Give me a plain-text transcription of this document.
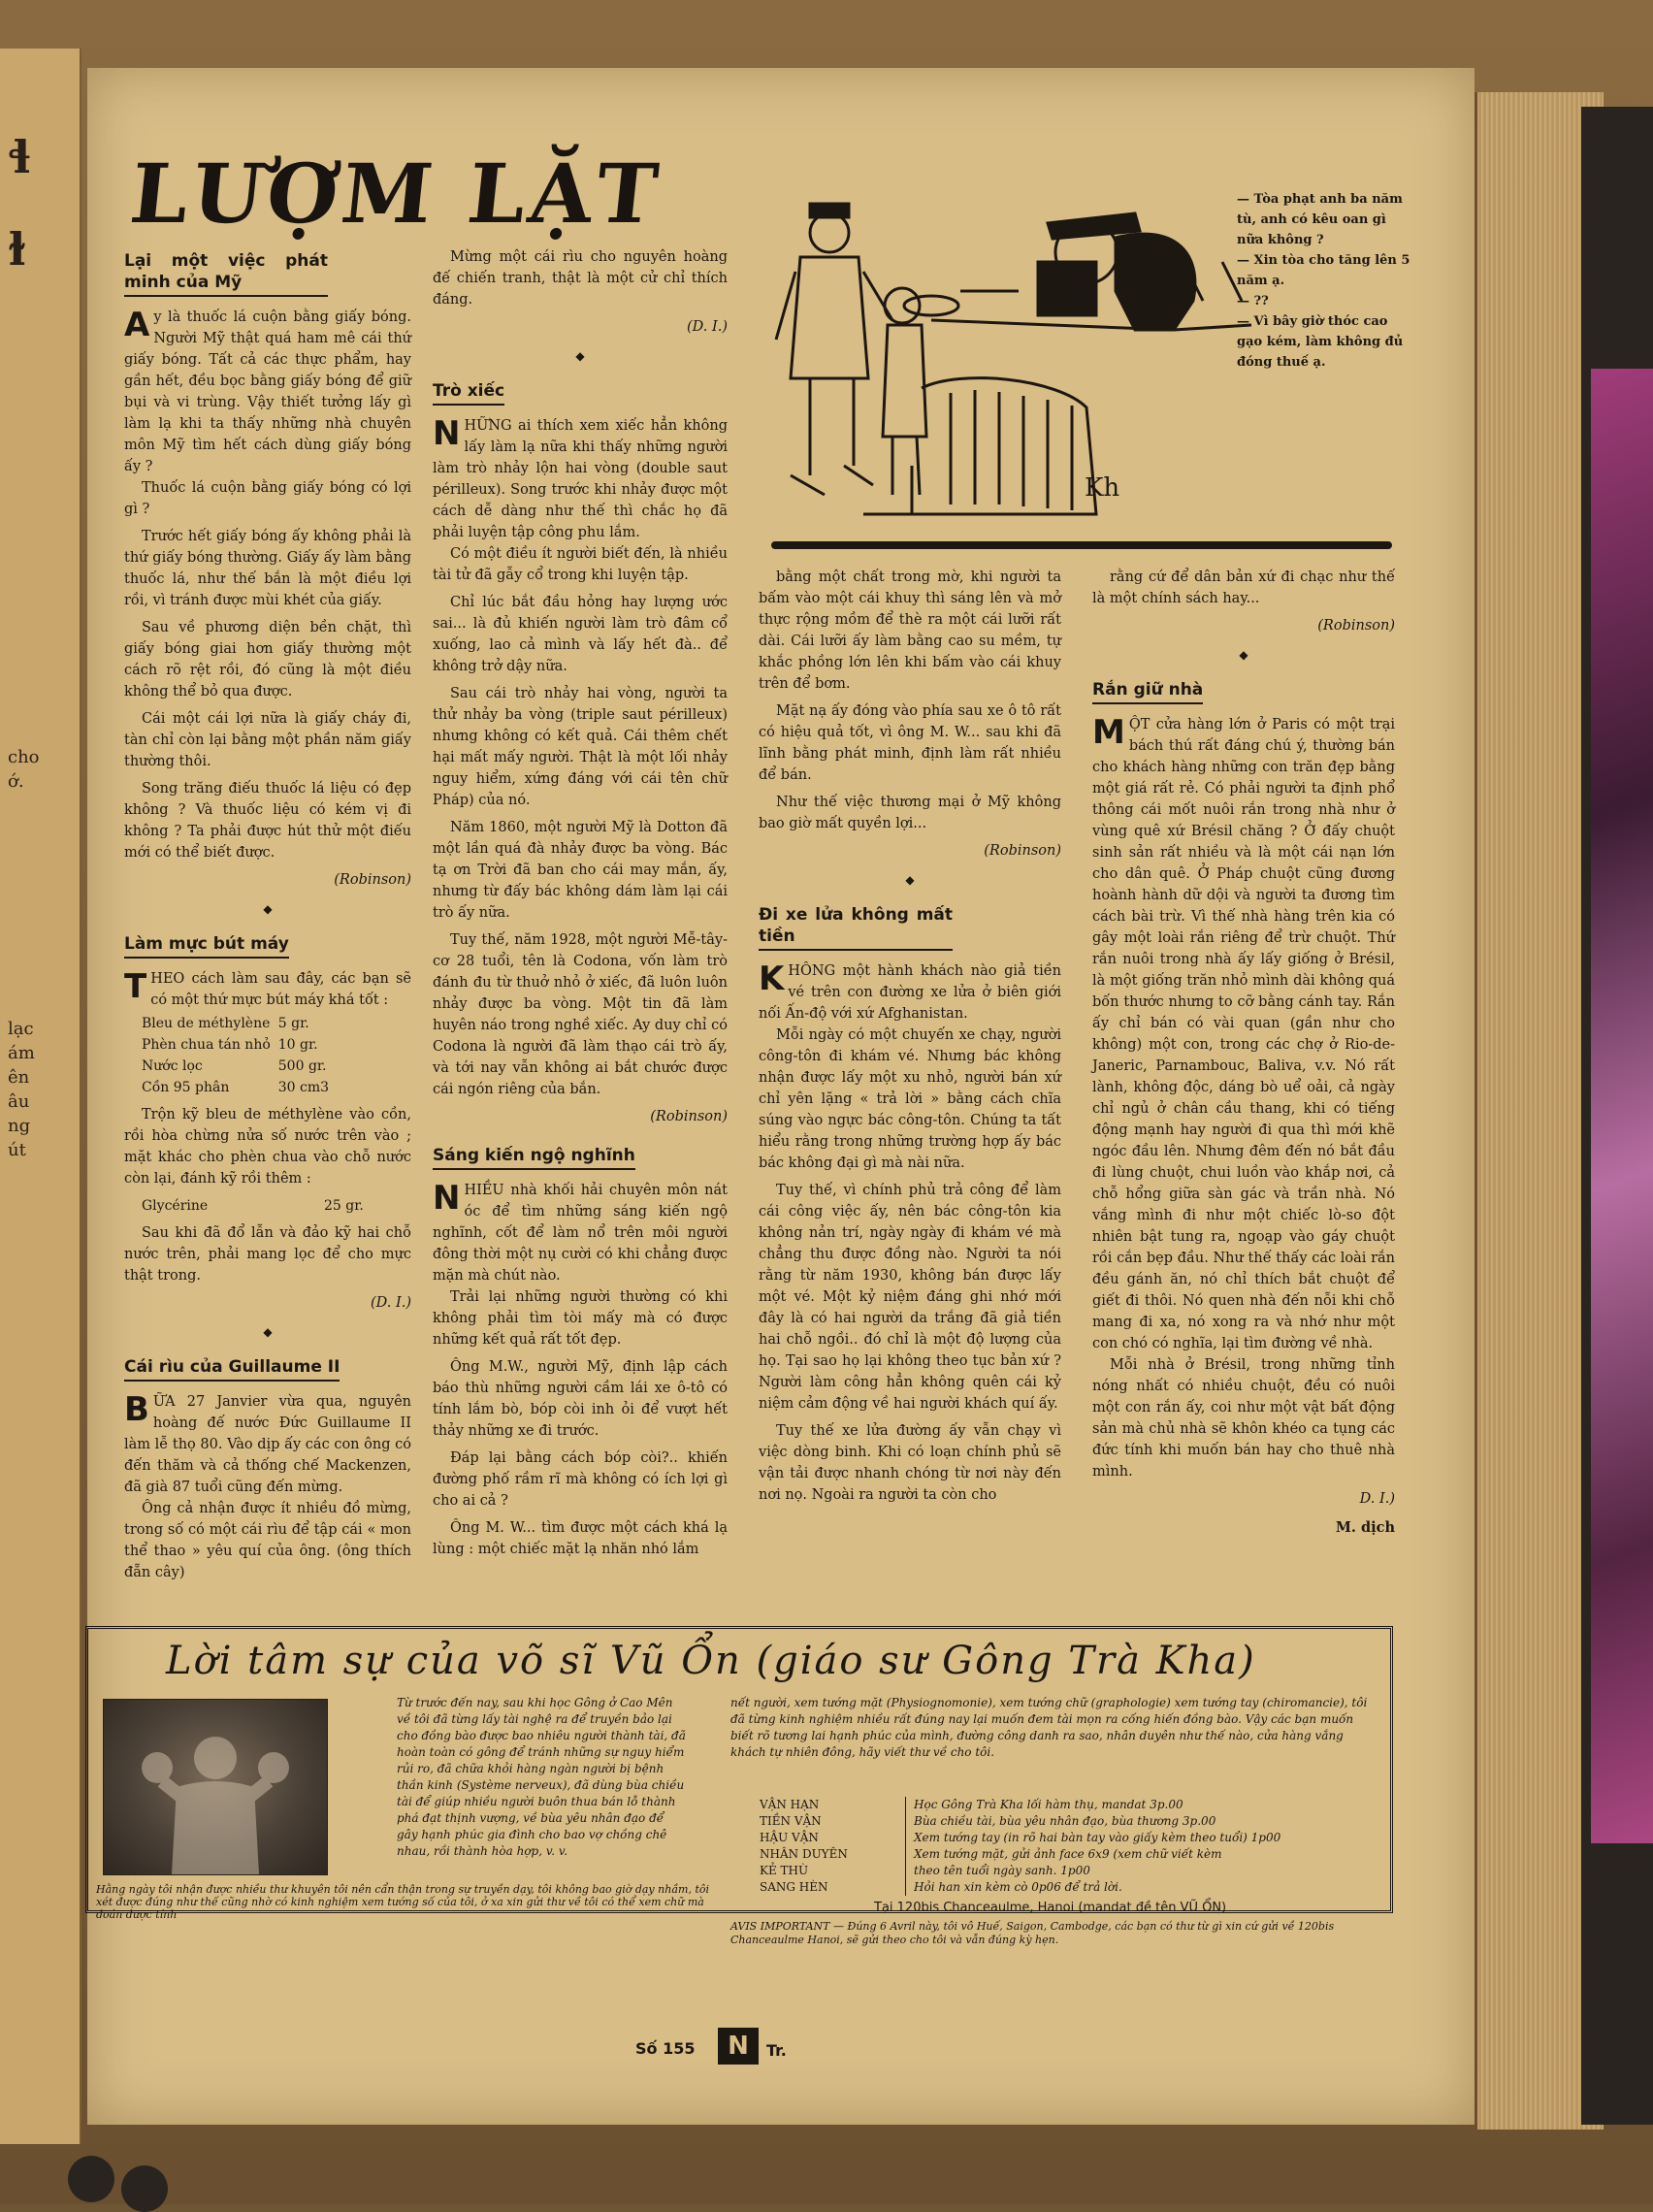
ɬ
ɫ
cho
ớ.
lạc
ám
ên
âu
ng
út
LƯỢM LẶT
Lại một việc phát minh của Mỹ
A y là thuốc lá cuộn bằng giấy bóng. Người Mỹ thật quá ham mê cái thứ giấy bóng. Tất cả các thực phẩm, hay gần hết, đều bọc bằng giấy bóng để giữ bụi và vi trùng. Vậy thiết tưởng lấy gì làm lạ khi ta thấy những nhà chuyên môn Mỹ tìm hết cách dùng giấy bóng ấy ?

Thuốc lá cuộn bằng giấy bóng có lợi gì ?

Trước hết giấy bóng ấy không phải là thứ giấy bóng thường. Giấy ấy làm bằng thuốc lá, như thế bắn là một điều lợi rồi, vì tránh được mùi khét của giấy.

Sau về phương diện bền chặt, thì giấy bóng giai hơn giấy thường một cách rõ rệt rồi, đó cũng là một điều không thể bỏ qua được.

Cái một cái lợi nữa là giấy cháy đi, tàn chỉ còn lại bằng một phần năm giấy thường thôi.

Song trăng điếu thuốc lá liệu có đẹp không ? Và thuốc liệu có kém vị đi không ? Ta phải được hút thử một điếu mới có thể biết được.

(Robinson)
◆
Làm mực bút máy
T HEO cách làm sau đây, các bạn sẽ có một thứ mực bút máy khá tốt :
Bleu de méthylène	5 gr.
Phèn chua tán nhỏ	10 gr.
Nước lọc	500 gr.
Cồn 95 phân	30 cm3

Trộn kỹ bleu de méthylène vào cồn, rồi hòa chừng nửa số nước trên vào ; mặt khác cho phèn chua vào chỗ nước còn lại, đánh kỹ rồi thêm :

Glycérine	25 gr.

Sau khi đã đổ lẫn và đảo kỹ hai chỗ nước trên, phải mang lọc để cho mực thật trong.

(D. I.)
◆
Cái rìu của Guillaume II
B ỮA 27 Janvier vừa qua, nguyên hoàng đế nước Đức Guillaume II làm lễ thọ 80. Vào dịp ấy các con ông có đến thăm và cả thống chế Mackenzen, đã già 87 tuổi cũng đến mừng.

Ông cả nhận được ít nhiều đồ mừng, trong số có một cái rìu để tập cái « mon thể thao » yêu quí của ông. (ông thích đẵn cây)

Mừng một cái rìu cho nguyên hoàng đế chiến tranh, thật là một cử chỉ thích đáng.

(D. I.)
◆
Trò xiếc
N HỮNG ai thích xem xiếc hẳn không lấy làm lạ nữa khi thấy những người làm trò nhảy lộn hai vòng (double saut périlleux). Song trước khi nhảy được một cách dễ dàng như thế thì chắc họ đã phải luyện tập công phu lắm.

Có một điều ít người biết đến, là nhiều tài tử đã gẫy cổ trong khi luyện tập.

Chỉ lúc bắt đầu hỏng hay lượng ước sai... là đủ khiến người làm trò đâm cổ xuống, lao cả mình và lấy hết đà.. để không trở dậy nữa.

Sau cái trò nhảy hai vòng, người ta thử nhảy ba vòng (triple saut périlleux) nhưng không có kết quả. Cái thêm chết hại mất mấy người. Thật là một lối nhảy nguy hiểm, xứng đáng với cái tên chữ Pháp) của nó.

Năm 1860, một người Mỹ là Dotton đã một lần quá đà nhảy được ba vòng. Bác tạ ơn Trời đã ban cho cái may mắn, ấy, nhưng từ đấy bác không dám làm lại cái trò ấy nữa.

Tuy thế, năm 1928, một người Mễ-tây-cơ 28 tuổi, tên là Codona, vốn làm trò đánh đu từ thuở nhỏ ở xiếc, đã luôn luôn nhảy được ba vòng. Một tin đã làm huyên náo trong nghề xiếc. Ay duy chỉ có Codona là người đã làm thạo cái trò ấy, và tới nay vẫn không ai bắt chước được cái ngón riêng của bắn.

(Robinson)
Sáng kiến ngộ nghĩnh
N HIỀU nhà khối hải chuyên môn nát óc để tìm những sáng kiến ngộ nghĩnh, cốt để làm nổ trên môi người đông thời một nụ cười có khi chẳng được mặn mà chút nào.

Trải lại những người thường có khi không phải tìm tòi mấy mà có được những kết quả rất tốt đẹp.

Ông M.W., người Mỹ, định lập cách báo thù những người cầm lái xe ô-tô có tính lắm bò, bóp còi inh ỏi để vượt hết thảy những xe đi trước.

Đáp lại bằng cách bóp còi?.. khiến đường phố rầm rĩ mà không có ích lợi gì cho ai cả ?

Ông M. W... tìm được một cách khá lạ lùng : một chiếc mặt lạ nhăn nhó lắm

Kh
— Tòa phạt anh ba năm tù, anh có kêu oan gì nữa không ?
— Xin tòa cho tăng lên 5 năm ạ.
— ??
— Vì bây giờ thóc cao gạo kém, làm không đủ đóng thuế ạ.

bằng một chất trong mờ, khi người ta bấm vào một cái khuy thì sáng lên và mở thực rộng mồm để thè ra một cái lưỡi rất dài. Cái lưỡi ấy làm bằng cao su mềm, tự khắc phồng lớn lên khi bấm vào cái khuy trên để bơm.

Mặt nạ ấy đóng vào phía sau xe ô tô rất có hiệu quả tốt, vì ông M. W... sau khi đã lĩnh bằng phát minh, định làm rất nhiều để bán.

Như thế việc thương mại ở Mỹ không bao giờ mất quyền lợi...

(Robinson)
◆
Đi xe lửa không mất tiền
K HÔNG một hành khách nào giả tiền vé trên con đường xe lửa ở biên giới nối Ấn-độ với xứ Afghanistan.

Mỗi ngày có một chuyến xe chạy, người công-tôn đi khám vé. Nhưng bác không nhận được lấy một xu nhỏ, người bán xứ chỉ yên lặng « trả lời » bằng cách chĩa súng vào ngực bác công-tôn. Chúng ta tất hiểu rằng trong những trường hợp ấy bác bác không đại gì mà nài nữa.

Tuy thế, vì chính phủ trả công để làm cái công việc ấy, nên bác công-tôn kia không nản trí, ngày ngày đi khám vé mà chẳng thu được đồng nào. Người ta nói rằng từ năm 1930, không bán được lấy một vé. Một kỷ niệm đáng ghi nhớ mới đây là có hai người da trắng đã giả tiền hai chỗ ngồi.. đó chỉ là một độ lượng của họ. Tại sao họ lại không theo tục bản xứ ? Người làm công hẳn không quên cái kỷ niệm cảm động về hai người khách quí ấy.

Tuy thế xe lửa đường ấy vẫn chạy vì việc dòng binh. Khi có loạn chính phủ sẽ vận tải được nhanh chóng từ nơi này đến nơi nọ. Ngoài ra người ta còn cho

rằng cứ để dân bản xứ đi chạc như thế là một chính sách hay...

(Robinson)
◆
Rắn giữ nhà
M ỘT cửa hàng lớn ở Paris có một trại bách thú rất đáng chú ý, thường bán cho khách hàng những con trăn đẹp bằng một giá rất rẻ. Có phải người ta định phổ thông cái mốt nuôi rắn trong nhà như ở vùng quê xứ Brésil chăng ? Ở đấy chuột sinh sản rất nhiều và là một cái nạn lớn cho dân quê. Ở Pháp chuột cũng đương hoành hành dữ dội và người ta đương tìm cách bài trừ. Vì thế nhà hàng trên kia có gây một loài rắn riêng để trừ chuột. Thứ rắn nuôi trong nhà ấy lấy giống ở Brésil, là một giống trăn nhỏ mình dài không quá bốn thước nhưng to cỡ bằng cánh tay. Rắn ấy chỉ bán có vài quan (gần như cho không) một con, trong các chợ ở Rio-de-Janeric, Parnambouc, Baliva, v.v. Nó rất lành, không độc, dáng bò uể oải, cả ngày chỉ ngủ ở chân cầu thang, khi có tiếng động mạnh hay người đi qua thì mới khẽ ngóc đầu lên. Nhưng đêm đến nó bắt đầu đi lùng chuột, chui luồn vào khắp nơi, cả chỗ hổng giữa sàn gác và trần nhà. Nó vắng mình đi như một chiếc lò-so đột nhiên bật tung ra, ngoạp vào gáy chuột rồi cắn bẹp đầu. Như thế thấy các loài rắn đều gánh ăn, nó chỉ thích bắt chuột để giết đi thôi. Nó quen nhà đến nỗi khi chỗ mang đi xa, nó xong ra và nhớ như một con chó có nghĩa, lại tìm đường về nhà.

Mỗi nhà ở Brésil, trong những tỉnh nóng nhất có nhiều chuột, đều có nuôi một con rắn ấy, coi như một vật bất động sản mà chủ nhà sẽ khôn khéo ca tụng các đức tính khi muốn bán hay cho thuê nhà mình.

D. I.)
M. dịch
Lời tâm sự của võ sĩ Vũ Ổn (giáo sư Gông Trà Kha)
Từ trước đến nay, sau khi học Gông ở Cao Mên về tôi đã từng lấy tài nghệ ra để truyền bảo lại cho đồng bào được bao nhiêu người thành tài, đã hoàn toàn có gông để tránh những sự nguy hiểm rủi ro, đã chữa khỏi hàng ngàn người bị bệnh thần kinh (Système nerveux), đã dùng bùa chiều tài để giúp nhiều người buôn thua bán lỗ thành phá đạt thịnh vượng, về bùa yêu nhân đạo để gây hạnh phúc gia đình cho bao vợ chồng chê nhau, rồi thành hòa hợp, v. v.
Hằng ngày tôi nhận được nhiều thư khuyên tôi nên cẩn thận trong sự truyền dạy, tôi không bao giờ dạy nhầm, tôi xét được đúng như thế cũng nhờ có kinh nghiệm xem tướng số của tôi, ở xa xin gửi thư về tôi có thể xem chữ mà đoán được tính
nết người, xem tướng mặt (Physiognomonie), xem tướng chữ (graphologie) xem tướng tay (chiromancie), tôi đã từng kinh nghiệm nhiều rất đúng nay lại muốn đem tài mọn ra cống hiến đồng bào. Vậy các bạn muốn biết rõ tương lai hạnh phúc của mình, đường công danh ra sao, nhân duyên như thế nào, cửa hàng vắng khách tự nhiên đông, hãy viết thư về cho tôi.
VẬN HẠN	Học Gông Trà Kha lối hàm thụ, mandat 3p.00
TIỀN VẬN	Bùa chiều tài, bùa yêu nhân đạo, bùa thương 3p.00
HẬU VẬN	Xem tướng tay (in rõ hai bàn tay vào giấy kèm theo tuổi) 1p00
NHÂN DUYÊN	Xem tướng mặt, gửi ảnh face 6x9 (xem chữ viết kèm
KẺ THÙ	theo tên tuổi ngày sanh. 1p00
SANG HÈN	Hỏi han xin kèm cò 0p06 để trả lời.
Tại 120bis Chanceaulme, Hanoi (mandat đề tên VŨ ỔN)
AVIS IMPORTANT — Đúng 6 Avril này, tôi vô Huế, Saigon, Cambodge, các bạn có thư từ gì xin cứ gửi về 120bis Chanceaulme Hanoi, sẽ gửi theo cho tôi và vẫn đúng kỳ hẹn.
Số 155	N	Tr.
